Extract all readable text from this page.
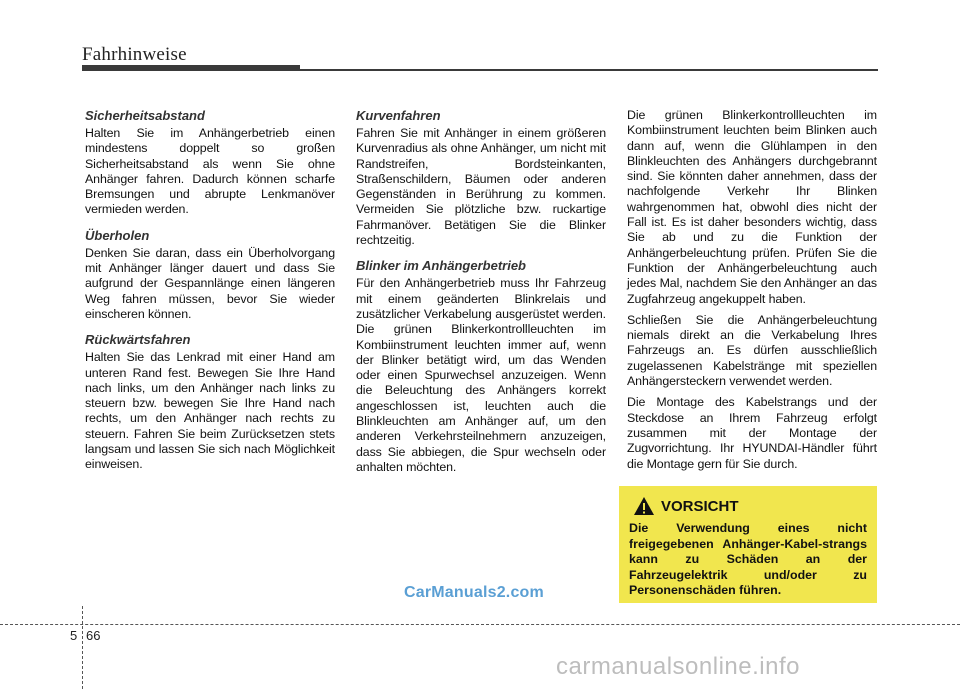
Fahrhinweise
Sicherheitsabstand

Halten Sie im Anhängerbetrieb einen mindestens doppelt so großen Sicherheitsabstand als wenn Sie ohne Anhänger fahren. Dadurch können scharfe Bremsungen und abrupte Lenkmanöver vermieden werden.

Überholen

Denken Sie daran, dass ein Überholvorgang mit Anhänger länger dauert und dass Sie aufgrund der Gespannlänge einen längeren Weg fahren müssen, bevor Sie wieder einscheren können.

Rückwärtsfahren

Halten Sie das Lenkrad mit einer Hand am unteren Rand fest. Bewegen Sie Ihre Hand nach links, um den Anhänger nach links zu steuern bzw. bewegen Sie Ihre Hand nach rechts, um den Anhänger nach rechts zu steuern. Fahren Sie beim Zurücksetzen stets langsam und lassen Sie sich nach Möglichkeit einweisen.

Kurvenfahren

Fahren Sie mit Anhänger in einem größeren Kurvenradius als ohne Anhänger, um nicht mit Randstreifen, Bordsteinkanten, Straßenschildern, Bäumen oder anderen Gegenständen in Berührung zu kommen. Vermeiden Sie plötzliche bzw. ruckartige Fahrmanöver. Betätigen Sie die Blinker rechtzeitig.

Blinker im Anhängerbetrieb

Für den Anhängerbetrieb muss Ihr Fahrzeug mit einem geänderten Blinkrelais und zusätzlicher Verkabelung ausgerüstet werden. Die grünen Blinkerkontrollleuchten im Kombiinstrument leuchten immer auf, wenn der Blinker betätigt wird, um das Wenden oder einen Spurwechsel anzuzeigen. Wenn die Beleuchtung des Anhängers korrekt angeschlossen ist, leuchten auch die Blinkleuchten am Anhänger auf, um den anderen Verkehrsteilnehmern anzuzeigen, dass Sie abbiegen, die Spur wechseln oder anhalten möchten.

Die grünen Blinkerkontrollleuchten im Kombiinstrument leuchten beim Blinken auch dann auf, wenn die Glühlampen in den Blinkleuchten des Anhängers durchgebrannt sind. Sie könnten daher annehmen, dass der nachfolgende Verkehr Ihr Blinken wahrgenommen hat, obwohl dies nicht der Fall ist. Es ist daher besonders wichtig, dass Sie ab und zu die Funktion der Anhängerbeleuchtung prüfen. Prüfen Sie die Funktion der Anhängerbeleuchtung auch jedes Mal, nachdem Sie den Anhänger an das Zugfahrzeug angekuppelt haben.

Schließen Sie die Anhängerbeleuchtung niemals direkt an die Verkabelung Ihres Fahrzeugs an. Es dürfen ausschließlich zugelassenen Kabelstränge mit speziellen Anhängersteckern verwendet werden.

Die Montage des Kabelstrangs und der Steckdose an Ihrem Fahrzeug erfolgt zusammen mit der Montage der Zugvorrichtung. Ihr HYUNDAI-Händler führt die Montage gern für Sie durch.

VORSICHT
Die Verwendung eines nicht freigegebenen Anhänger-Kabel-strangs kann zu Schäden an der Fahrzeugelektrik und/oder zu Personenschäden führen.
CarManuals2.com
5 66
carmanualsonline.info
